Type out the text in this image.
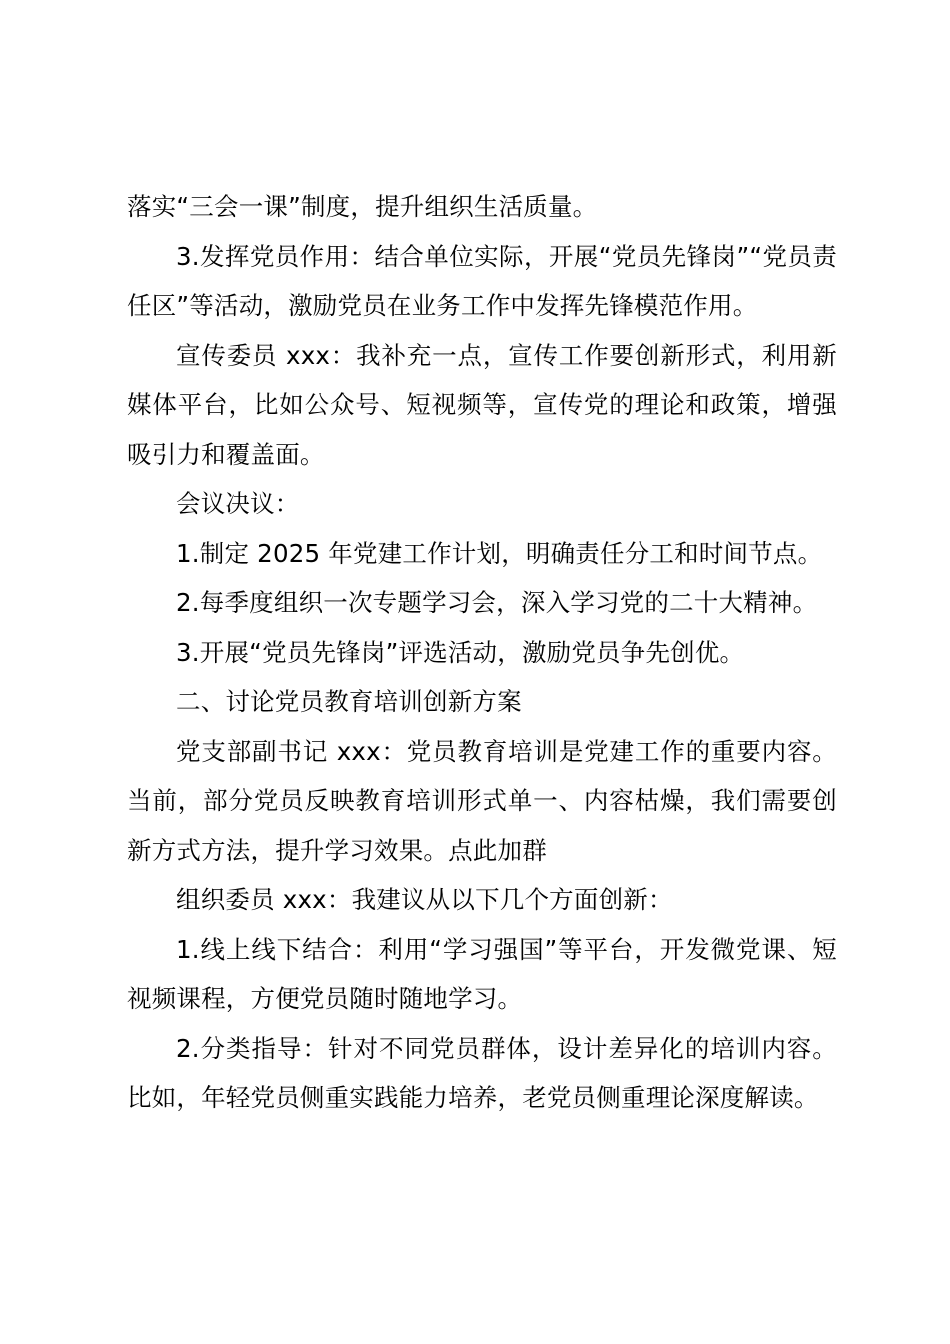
落实“三会一课”制度，提升组织生活质量。

3.发挥党员作用：结合单位实际，开展“党员先锋岗”“党员责任区”等活动，激励党员在业务工作中发挥先锋模范作用。

宣传委员 xxx：我补充一点，宣传工作要创新形式，利用新媒体平台，比如公众号、短视频等，宣传党的理论和政策，增强吸引力和覆盖面。

会议决议：

1.制定 2025 年党建工作计划，明确责任分工和时间节点。

2.每季度组织一次专题学习会，深入学习党的二十大精神。

3.开展“党员先锋岗”评选活动，激励党员争先创优。

二、讨论党员教育培训创新方案

党支部副书记 xxx：党员教育培训是党建工作的重要内容。当前，部分党员反映教育培训形式单一、内容枯燥，我们需要创新方式方法，提升学习效果。点此加群

组织委员 xxx：我建议从以下几个方面创新：

1.线上线下结合：利用“学习强国”等平台，开发微党课、短视频课程，方便党员随时随地学习。

2.分类指导：针对不同党员群体，设计差异化的培训内容。比如，年轻党员侧重实践能力培养，老党员侧重理论深度解读。
